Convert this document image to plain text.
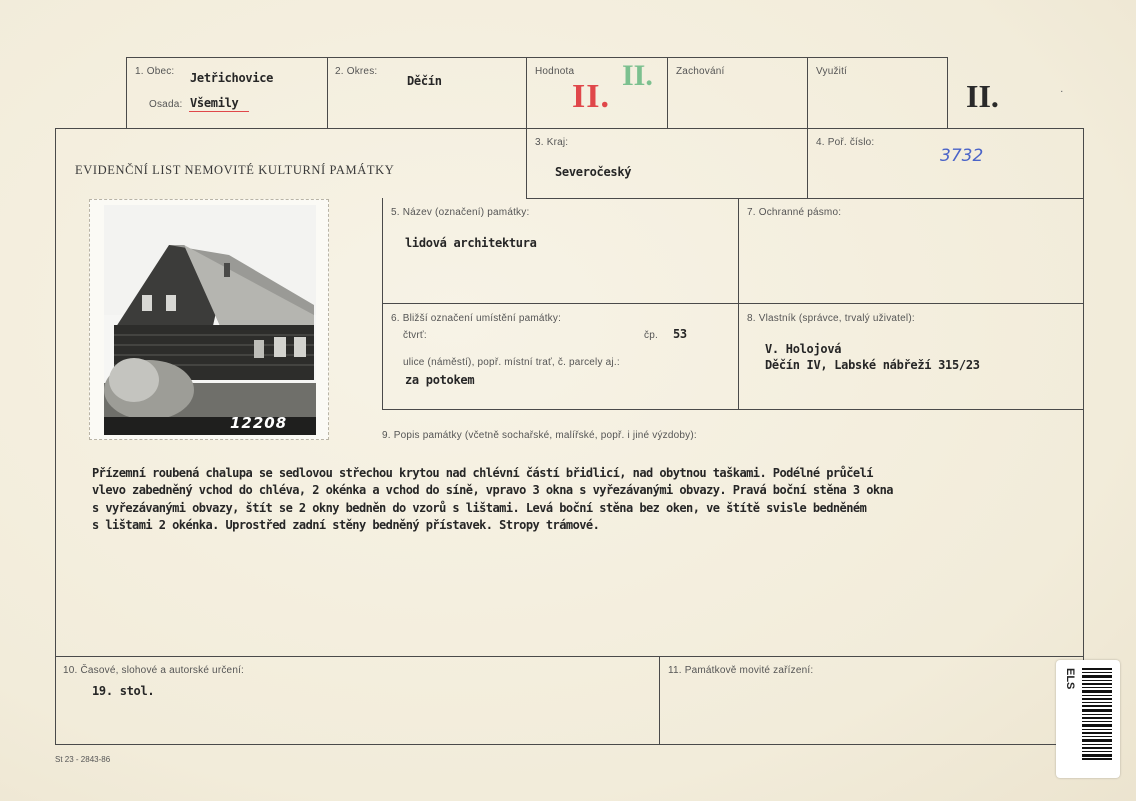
1. Obec: Jetřichovice
Osada: Všemily
2. Okres:
Děčín
Hodnota
II.
II. Zachování	Využití
II.	˙
EVIDENČNÍ LIST NEMOVITÉ KULTURNÍ PAMÁTKY
3. Kraj:
Severočeský
4. Poř. číslo:
3732
5. Název (označení) památky:
lidová architektura
7. Ochranné pásmo:
6. Bližší označení umístění památky:
čtvrť:	čp. 53
ulice (náměstí), popř. místní trať, č. parcely aj.:
za potokem
8. Vlastník (správce, trvalý uživatel):
V. Holojová
Děčín IV, Labské nábřeží 315/23
12208
9. Popis památky (včetně sochařské, malířské, popř. i jiné výzdoby):
Přízemní roubená chalupa se sedlovou střechou krytou nad chlévní částí břidlicí, nad obytnou taškami. Podélné průčelí
vlevo zabedněný vchod do chléva, 2 okénka a vchod do síně, vpravo 3 okna s vyřezávanými obvazy. Pravá boční stěna 3 okna
s vyřezávanými obvazy, štít se 2 okny bedněn do vzorů s lištami. Levá boční stěna bez oken, ve štítě svisle bedněném
s lištami 2 okénka. Uprostřed zadní stěny bedněný přístavek. Stropy trámové.
10. Časové, slohové a autorské určení:
19. stol.
11. Památkově movité zařízení:
St 23 - 2843-86
ELS
